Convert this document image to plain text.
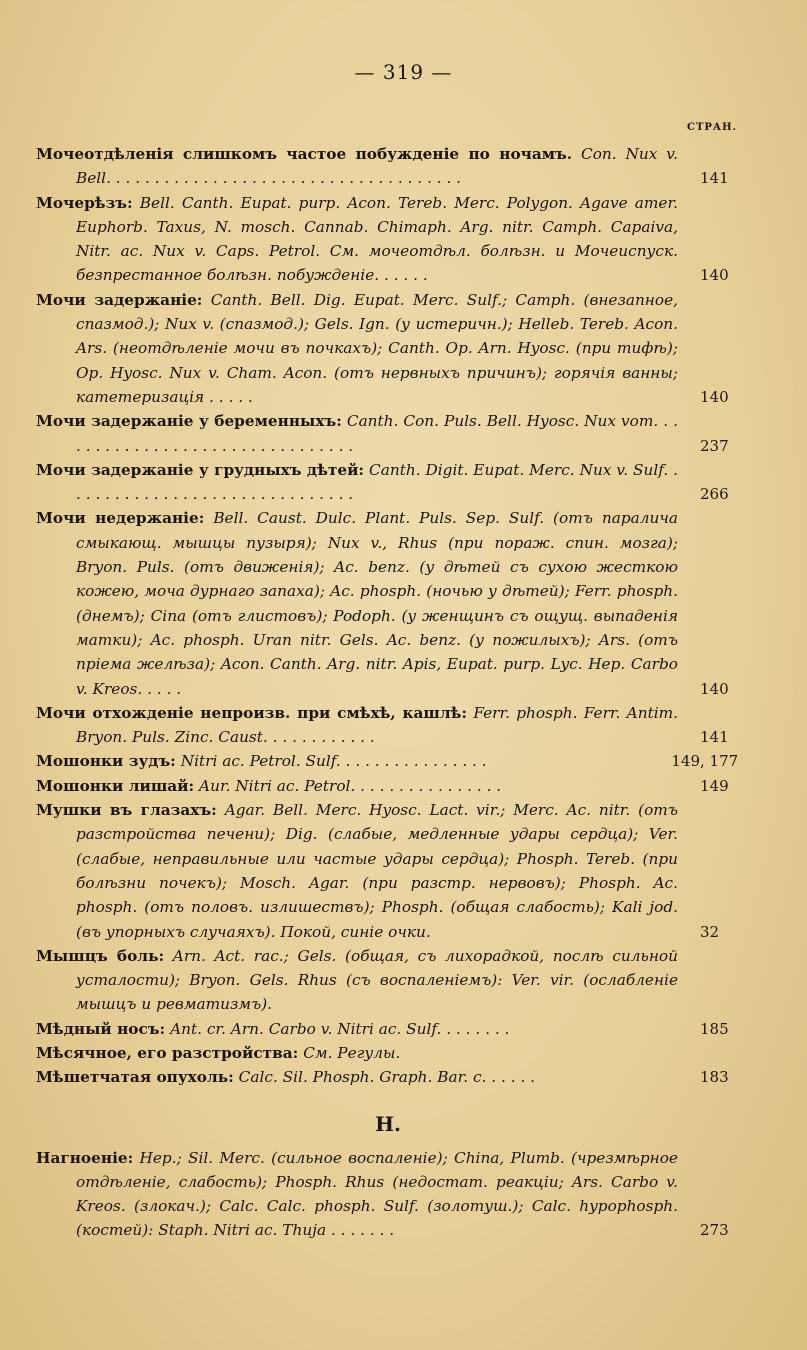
— 319 —
СТРАН.
Мочеотдѣленія слишкомъ частое побужденіе по ночамъ. Con. Nux v. Bell. . . . . . . . . . . . . . . . . . . . . . . . . . . . . . . . . . . . .	141
Мочерѣзъ: Bell. Canth. Eupat. purp. Acon. Tereb. Merc. Polygon. Agave amer. Euphorb. Taxus, N. mosch. Cannab. Chimaph. Arg. nitr. Camph. Capaiva, Nitr. ac. Nux v. Caps. Petrol. См. мочеотдѣл. болѣзн. и Мочеиспуск. безпрестанное болѣзн. побужденіе. . . . . .	140
Мочи задержаніе: Canth. Bell. Dig. Eupat. Merc. Sulf.; Camph. (внезапное, спазмод.); Nux v. (спазмод.); Gels. Ign. (у истеричн.); Helleb. Tereb. Acon. Ars. (неотдѣленіе мочи въ почкахъ); Canth. Op. Arn. Hyosc. (при тифѣ); Op. Hyosc. Nux v. Cham. Acon. (отъ нервныхъ причинъ); горячія ванны; катетеризація . . . . .	140
Мочи задержаніе у беременныхъ: Canth. Con. Puls. Bell. Hyosc. Nux vom. . . . . . . . . . . . . . . . . . . . . . . . . . . . . . . .	237
Мочи задержаніе у грудныхъ дѣтей: Canth. Digit. Eupat. Merc. Nux v. Sulf. . . . . . . . . . . . . . . . . . . . . . . . . . . . . . .	266
Мочи недержаніе: Bell. Caust. Dulc. Plant. Puls. Sep. Sulf. (отъ паралича смыкающ. мышцы пузыря); Nux v., Rhus (при пораж. спин. мозга); Bryon. Puls. (отъ движенія); Ac. benz. (у дѣтей съ сухою жесткою кожею, моча дурнаго запаха); Ac. phosph. (ночью у дѣтей); Ferr. phosph. (днемъ); Cina (отъ глистовъ); Podoph. (у женщинъ съ ощущ. выпаденія матки); Ac. phosph. Uran nitr. Gels. Ac. benz. (у пожилыхъ); Ars. (отъ пріема желѣза); Acon. Canth. Arg. nitr. Apis, Eupat. purp. Lyc. Hep. Carbo v. Kreos. . . . .	140
Мочи отхожденіе непроизв. при смѣхѣ, кашлѣ: Ferr. phosph. Ferr. Antim. Bryon. Puls. Zinc. Caust. . . . . . . . . . . .	141
Мошонки зудъ: Nitri ac. Petrol. Sulf. . . . . . . . . . . . . . . .	149, 177
Мошонки лишай: Aur. Nitri ac. Petrol. . . . . . . . . . . . . . . .	149
Мушки въ глазахъ: Agar. Bell. Merc. Hyosc. Lact. vir.; Merc. Ac. nitr. (отъ разстройства печени); Dig. (слабые, медленные удары сердца); Ver. (слабые, неправильные или частые удары сердца); Phosph. Tereb. (при болѣзни почекъ); Mosch. Agar. (при разстр. нервовъ); Phosph. Ac. phosph. (отъ половъ. излишествъ); Phosph. (общая слабость); Kali jod. (въ упорныхъ случаяхъ). Покой, синіе очки.	32
Мышцъ боль: Arn. Act. rac.; Gels. (общая, съ лихорадкой, послѣ сильной усталости); Bryon. Gels. Rhus (съ воспаленіемъ): Ver. vir. (ослабленіе мышцъ и ревматизмъ).
Мѣдный носъ: Ant. cr. Arn. Carbo v. Nitri ac. Sulf. . . . . . . .	185
Мѣсячное, его разстройства: См. Регулы.
Мѣшетчатая опухоль: Calc. Sil. Phosph. Graph. Bar. c. . . . . .	183
Н.
Нагноеніе: Hep.; Sil. Merc. (сильное воспаленіе); China, Plumb. (чрезмѣрное отдѣленіе, слабость); Phosph. Rhus (недостат. реакціи; Ars. Carbo v. Kreos. (злокач.); Calc. Calc. phosph. Sulf. (золотуш.); Calc. hypophosph. (костей): Staph. Nitri ac. Thuja . . . . . . .	273
